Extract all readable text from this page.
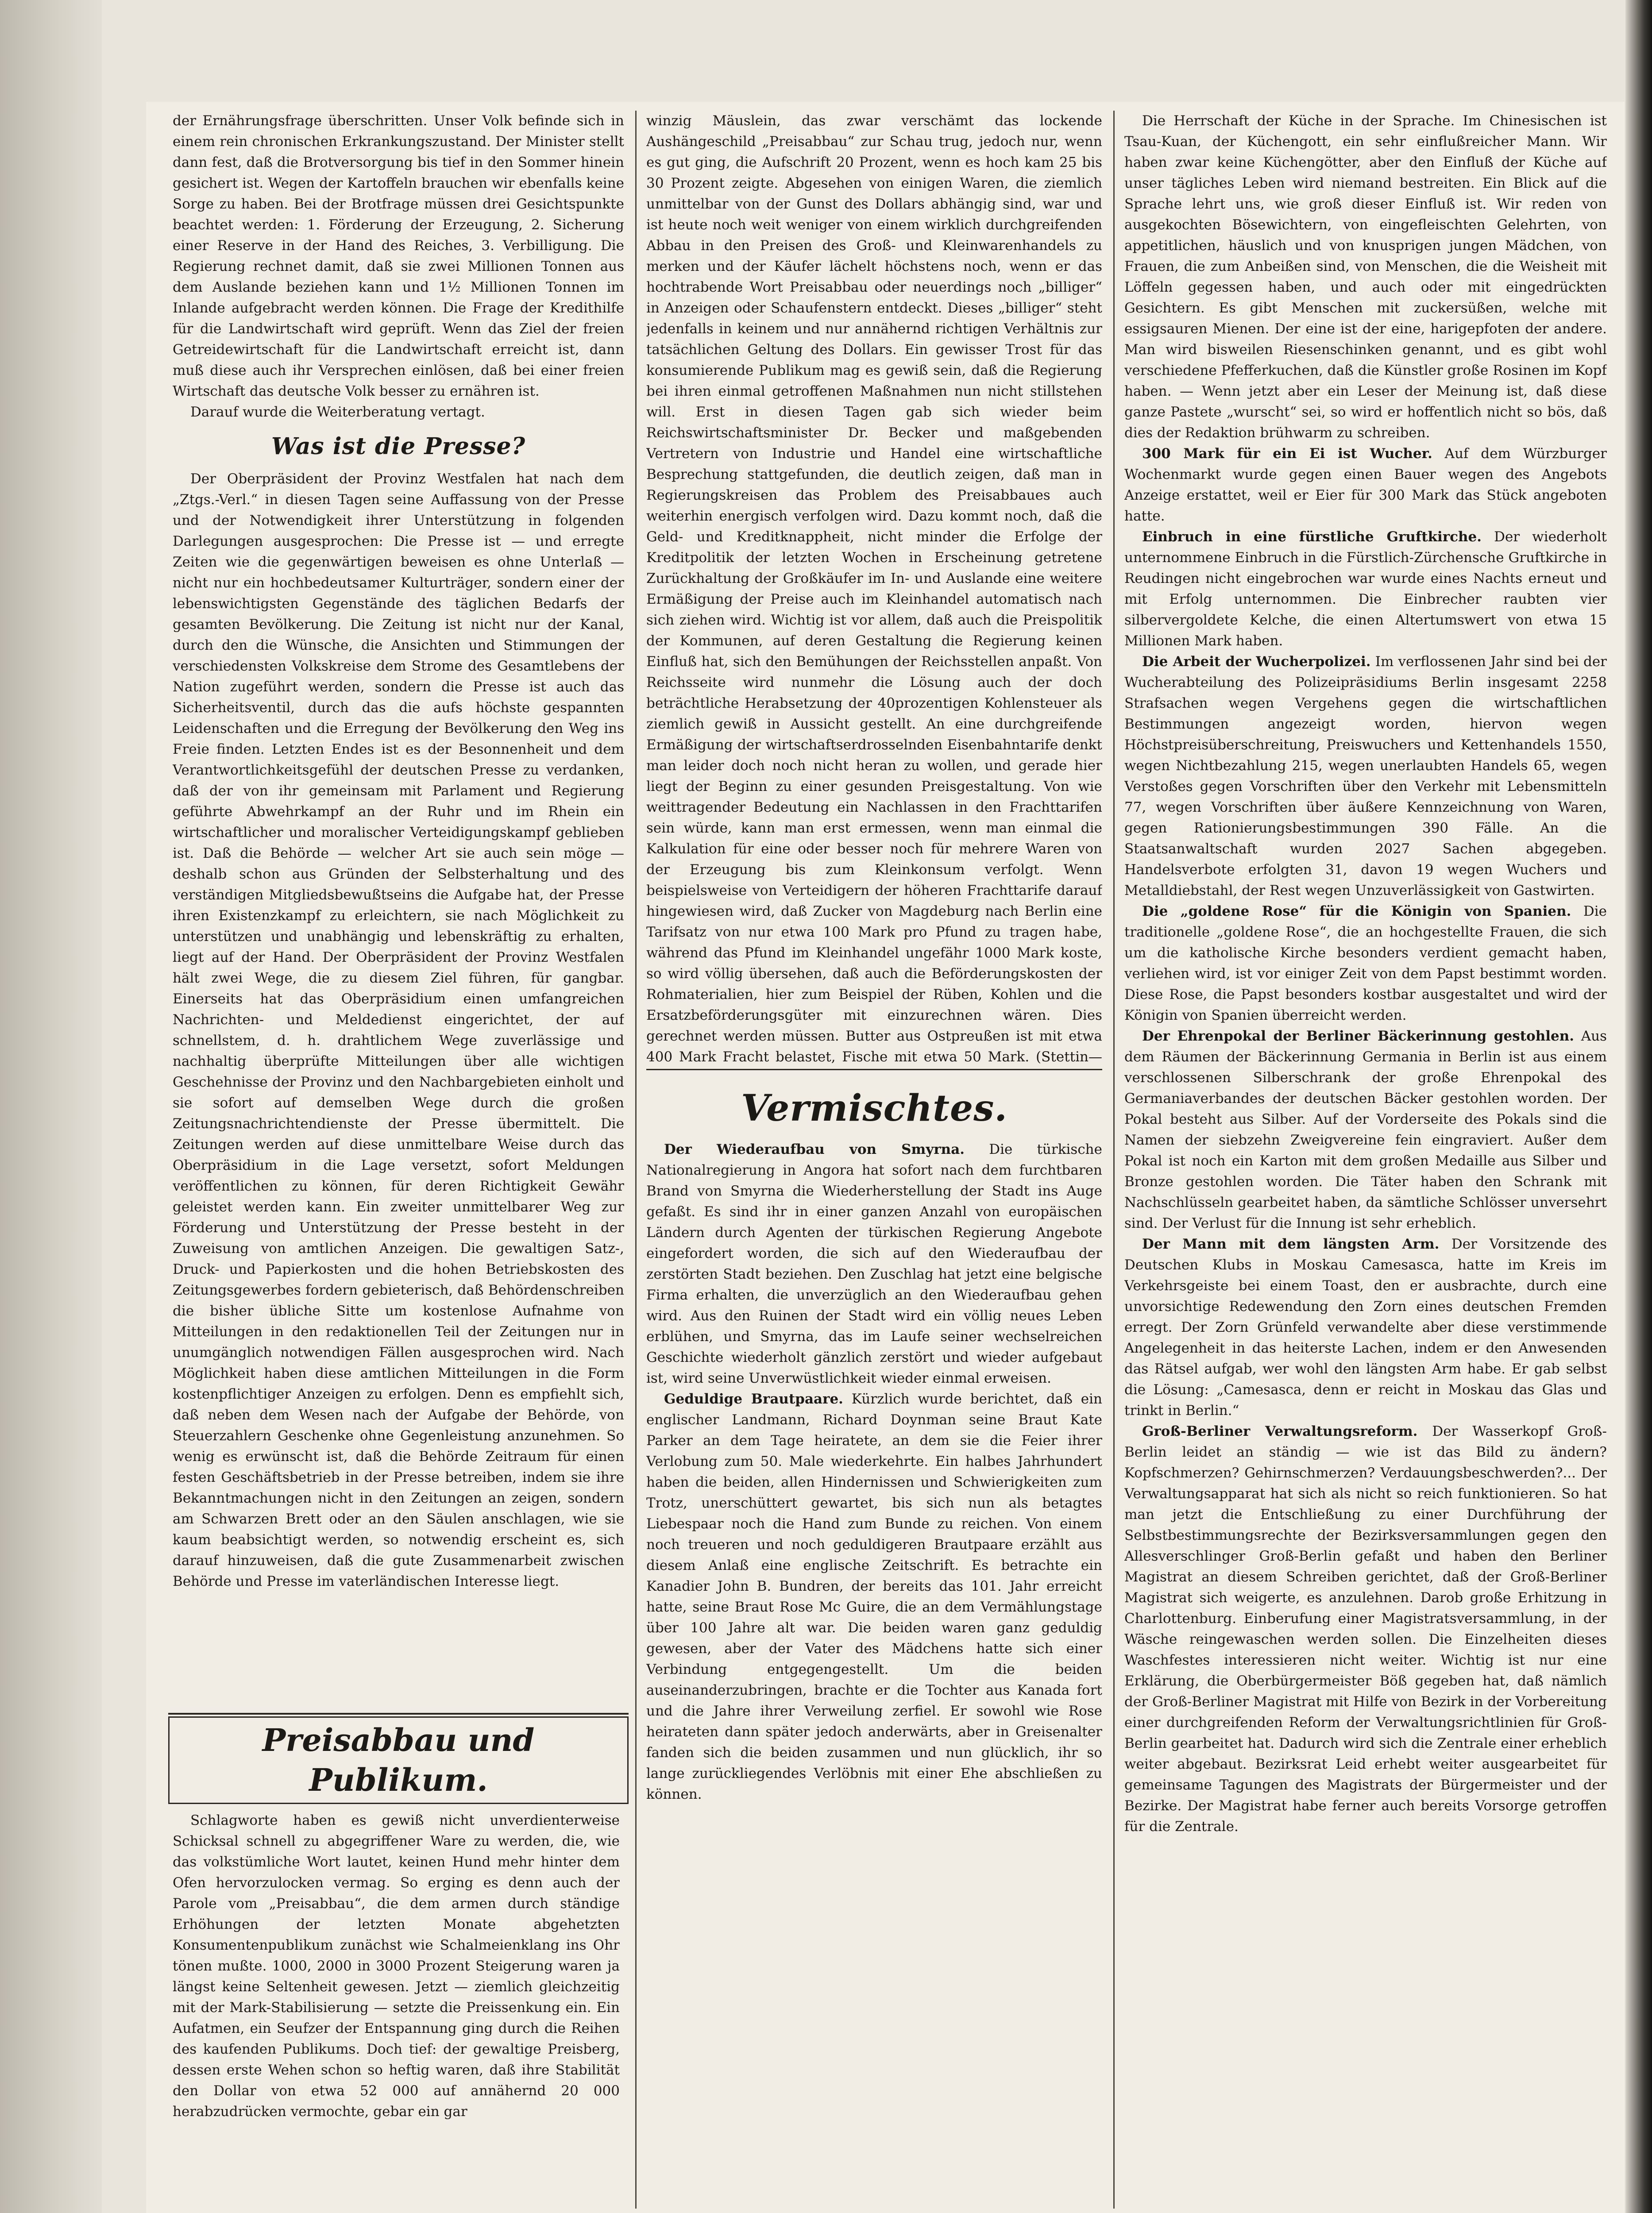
der Ernährungsfrage überschritten. Unser Volk befinde sich in einem rein chronischen Erkrankungszustand. Der Minister stellt dann fest, daß die Brotversorgung bis tief in den Sommer hinein gesichert ist. Wegen der Kartoffeln brauchen wir ebenfalls keine Sorge zu haben. Bei der Brotfrage müssen drei Gesichtspunkte beachtet werden: 1. Förderung der Erzeugung, 2. Sicherung einer Reserve in der Hand des Reiches, 3. Verbilligung. Die Regierung rechnet damit, daß sie zwei Millionen Tonnen aus dem Auslande beziehen kann und 1½ Millionen Tonnen im Inlande aufgebracht werden können. Die Frage der Kredithilfe für die Landwirtschaft wird geprüft. Wenn das Ziel der freien Getreidewirtschaft für die Landwirtschaft erreicht ist, dann muß diese auch ihr Versprechen einlösen, daß bei einer freien Wirtschaft das deutsche Volk besser zu ernähren ist.

Darauf wurde die Weiterberatung vertagt.

Was ist die Presse?

Der Oberpräsident der Provinz Westfalen hat nach dem „Ztgs.-Verl.“ in diesen Tagen seine Auffassung von der Presse und der Notwendigkeit ihrer Unterstützung in folgenden Darlegungen ausgesprochen: Die Presse ist — und erregte Zeiten wie die gegenwärtigen beweisen es ohne Unterlaß — nicht nur ein hochbedeutsamer Kulturträger, sondern einer der lebenswichtigsten Gegenstände des täglichen Bedarfs der gesamten Bevölkerung. Die Zeitung ist nicht nur der Kanal, durch den die Wünsche, die Ansichten und Stimmungen der verschiedensten Volkskreise dem Strome des Gesamtlebens der Nation zugeführt werden, sondern die Presse ist auch das Sicherheitsventil, durch das die aufs höchste gespannten Leidenschaften und die Erregung der Bevölkerung den Weg ins Freie finden. Letzten Endes ist es der Besonnenheit und dem Verantwortlichkeitsgefühl der deutschen Presse zu verdanken, daß der von ihr gemeinsam mit Parlament und Regierung geführte Abwehrkampf an der Ruhr und im Rhein ein wirtschaftlicher und moralischer Verteidigungskampf geblieben ist. Daß die Behörde — welcher Art sie auch sein möge — deshalb schon aus Gründen der Selbsterhaltung und des verständigen Mitgliedsbewußtseins die Aufgabe hat, der Presse ihren Existenzkampf zu erleichtern, sie nach Möglichkeit zu unterstützen und unabhängig und lebenskräftig zu erhalten, liegt auf der Hand. Der Oberpräsident der Provinz Westfalen hält zwei Wege, die zu diesem Ziel führen, für gangbar. Einerseits hat das Oberpräsidium einen umfangreichen Nachrichten- und Meldedienst eingerichtet, der auf schnellstem, d. h. drahtlichem Wege zuverlässige und nachhaltig überprüfte Mitteilungen über alle wichtigen Geschehnisse der Provinz und den Nachbargebieten einholt und sie sofort auf demselben Wege durch die großen Zeitungsnachrichtendienste der Presse übermittelt. Die Zeitungen werden auf diese unmittelbare Weise durch das Oberpräsidium in die Lage versetzt, sofort Meldungen veröffentlichen zu können, für deren Richtigkeit Gewähr geleistet werden kann. Ein zweiter unmittelbarer Weg zur Förderung und Unterstützung der Presse besteht in der Zuweisung von amtlichen Anzeigen. Die gewaltigen Satz-, Druck- und Papierkosten und die hohen Betriebskosten des Zeitungsgewerbes fordern gebieterisch, daß Behördenschreiben die bisher übliche Sitte um kostenlose Aufnahme von Mitteilungen in den redaktionellen Teil der Zeitungen nur in unumgänglich notwendigen Fällen ausgesprochen wird. Nach Möglichkeit haben diese amtlichen Mitteilungen in die Form kostenpflichtiger Anzeigen zu erfolgen. Denn es empfiehlt sich, daß neben dem Wesen nach der Aufgabe der Behörde, von Steuerzahlern Geschenke ohne Gegenleistung anzunehmen. So wenig es erwünscht ist, daß die Behörde Zeitraum für einen festen Geschäftsbetrieb in der Presse betreiben, indem sie ihre Bekanntmachungen nicht in den Zeitungen an zeigen, sondern am Schwarzen Brett oder an den Säulen anschlagen, wie sie kaum beabsichtigt werden, so notwendig erscheint es, sich darauf hinzuweisen, daß die gute Zusammenarbeit zwischen Behörde und Presse im vaterländischen Interesse liegt.

Preisabbau und Publikum.

Schlagworte haben es gewiß nicht unverdienterweise Schicksal schnell zu abgegriffener Ware zu werden, die, wie das volkstümliche Wort lautet, keinen Hund mehr hinter dem Ofen hervorzulocken vermag. So erging es denn auch der Parole vom „Preisabbau“, die dem armen durch ständige Erhöhungen der letzten Monate abgehetzten Konsumentenpublikum zunächst wie Schalmeienklang ins Ohr tönen mußte. 1000, 2000 in 3000 Prozent Steigerung waren ja längst keine Seltenheit gewesen. Jetzt — ziemlich gleichzeitig mit der Mark-Stabilisierung — setzte die Preissenkung ein. Ein Aufatmen, ein Seufzer der Entspannung ging durch die Reihen des kaufenden Publikums. Doch tief: der gewaltige Preisberg, dessen erste Wehen schon so heftig waren, daß ihre Stabilität den Dollar von etwa 52 000 auf annähernd 20 000 herabzudrücken vermochte, gebar ein gar

winzig Mäuslein, das zwar verschämt das lockende Aushängeschild „Preisabbau“ zur Schau trug, jedoch nur, wenn es gut ging, die Aufschrift 20 Prozent, wenn es hoch kam 25 bis 30 Prozent zeigte. Abgesehen von einigen Waren, die ziemlich unmittelbar von der Gunst des Dollars abhängig sind, war und ist heute noch weit weniger von einem wirklich durchgreifenden Abbau in den Preisen des Groß- und Kleinwarenhandels zu merken und der Käufer lächelt höchstens noch, wenn er das hochtrabende Wort Preisabbau oder neuerdings noch „billiger“ in Anzeigen oder Schaufenstern entdeckt. Dieses „billiger“ steht jedenfalls in keinem und nur annähernd richtigen Verhältnis zur tatsächlichen Geltung des Dollars. Ein gewisser Trost für das konsumierende Publikum mag es gewiß sein, daß die Regierung bei ihren einmal getroffenen Maßnahmen nun nicht stillstehen will. Erst in diesen Tagen gab sich wieder beim Reichswirtschaftsminister Dr. Becker und maßgebenden Vertretern von Industrie und Handel eine wirtschaftliche Besprechung stattgefunden, die deutlich zeigen, daß man in Regierungskreisen das Problem des Preisabbaues auch weiterhin energisch verfolgen wird. Dazu kommt noch, daß die Geld- und Kreditknappheit, nicht minder die Erfolge der Kreditpolitik der letzten Wochen in Erscheinung getretene Zurückhaltung der Großkäufer im In- und Auslande eine weitere Ermäßigung der Preise auch im Kleinhandel automatisch nach sich ziehen wird. Wichtig ist vor allem, daß auch die Preispolitik der Kommunen, auf deren Gestaltung die Regierung keinen Einfluß hat, sich den Bemühungen der Reichsstellen anpaßt. Von Reichsseite wird nunmehr die Lösung auch der doch beträchtliche Herabsetzung der 40prozentigen Kohlensteuer als ziemlich gewiß in Aussicht gestellt. An eine durchgreifende Ermäßigung der wirtschaftserdrosselnden Eisenbahntarife denkt man leider doch noch nicht heran zu wollen, und gerade hier liegt der Beginn zu einer gesunden Preisgestaltung. Von wie weittragender Bedeutung ein Nachlassen in den Frachttarifen sein würde, kann man erst ermessen, wenn man einmal die Kalkulation für eine oder besser noch für mehrere Waren von der Erzeugung bis zum Kleinkonsum verfolgt. Wenn beispielsweise von Verteidigern der höheren Frachttarife darauf hingewiesen wird, daß Zucker von Magdeburg nach Berlin eine Tarifsatz von nur etwa 100 Mark pro Pfund zu tragen habe, während das Pfund im Kleinhandel ungefähr 1000 Mark koste, so wird völlig übersehen, daß auch die Beförderungskosten der Rohmaterialien, hier zum Beispiel der Rüben, Kohlen und die Ersatzbeförderungsgüter mit einzurechnen wären. Dies gerechnet werden müssen. Butter aus Ostpreußen ist mit etwa 400 Mark Fracht belastet, Fische mit etwa 50 Mark. (Stettin—

Vermischtes.

Der Wiederaufbau von Smyrna. Die türkische Nationalregierung in Angora hat sofort nach dem furchtbaren Brand von Smyrna die Wiederherstellung der Stadt ins Auge gefaßt. Es sind ihr in einer ganzen Anzahl von europäischen Ländern durch Agenten der türkischen Regierung Angebote eingefordert worden, die sich auf den Wiederaufbau der zerstörten Stadt beziehen. Den Zuschlag hat jetzt eine belgische Firma erhalten, die unverzüglich an den Wiederaufbau gehen wird. Aus den Ruinen der Stadt wird ein völlig neues Leben erblühen, und Smyrna, das im Laufe seiner wechselreichen Geschichte wiederholt gänzlich zerstört und wieder aufgebaut ist, wird seine Unverwüstlichkeit wieder einmal erweisen.

Geduldige Brautpaare. Kürzlich wurde berichtet, daß ein englischer Landmann, Richard Doynman seine Braut Kate Parker an dem Tage heiratete, an dem sie die Feier ihrer Verlobung zum 50. Male wiederkehrte. Ein halbes Jahrhundert haben die beiden, allen Hindernissen und Schwierigkeiten zum Trotz, unerschüttert gewartet, bis sich nun als betagtes Liebespaar noch die Hand zum Bunde zu reichen. Von einem noch treueren und noch geduldigeren Brautpaare erzählt aus diesem Anlaß eine englische Zeitschrift. Es betrachte ein Kanadier John B. Bundren, der bereits das 101. Jahr erreicht hatte, seine Braut Rose Mc Guire, die an dem Vermählungstage über 100 Jahre alt war. Die beiden waren ganz geduldig gewesen, aber der Vater des Mädchens hatte sich einer Verbindung entgegengestellt. Um die beiden auseinanderzubringen, brachte er die Tochter aus Kanada fort und die Jahre ihrer Verweilung zerfiel. Er sowohl wie Rose heirateten dann später jedoch anderwärts, aber in Greisenalter fanden sich die beiden zusammen und nun glücklich, ihr so lange zurückliegendes Verlöbnis mit einer Ehe abschließen zu können.

Die Herrschaft der Küche in der Sprache. Im Chinesischen ist Tsau-Kuan, der Küchengott, ein sehr einflußreicher Mann. Wir haben zwar keine Küchengötter, aber den Einfluß der Küche auf unser tägliches Leben wird niemand bestreiten. Ein Blick auf die Sprache lehrt uns, wie groß dieser Einfluß ist. Wir reden von ausgekochten Bösewichtern, von eingefleischten Gelehrten, von appetitlichen, häuslich und von knusprigen jungen Mädchen, von Frauen, die zum Anbeißen sind, von Menschen, die die Weisheit mit Löffeln gegessen haben, und auch oder mit eingedrückten Gesichtern. Es gibt Menschen mit zuckersüßen, welche mit essigsauren Mienen. Der eine ist der eine, harigepfoten der andere. Man wird bisweilen Riesenschinken genannt, und es gibt wohl verschiedene Pfefferkuchen, daß die Künstler große Rosinen im Kopf haben. — Wenn jetzt aber ein Leser der Meinung ist, daß diese ganze Pastete „wurscht“ sei, so wird er hoffentlich nicht so bös, daß dies der Redaktion brühwarm zu schreiben.

300 Mark für ein Ei ist Wucher. Auf dem Würzburger Wochenmarkt wurde gegen einen Bauer wegen des Angebots Anzeige erstattet, weil er Eier für 300 Mark das Stück angeboten hatte.

Einbruch in eine fürstliche Gruftkirche. Der wiederholt unternommene Einbruch in die Fürstlich-Zürchensche Gruftkirche in Reudingen nicht eingebrochen war wurde eines Nachts erneut und mit Erfolg unternommen. Die Einbrecher raubten vier silbervergoldete Kelche, die einen Altertumswert von etwa 15 Millionen Mark haben.

Die Arbeit der Wucherpolizei. Im verflossenen Jahr sind bei der Wucherabteilung des Polizeipräsidiums Berlin insgesamt 2258 Strafsachen wegen Vergehens gegen die wirtschaftlichen Bestimmungen angezeigt worden, hiervon wegen Höchstpreisüberschreitung, Preiswuchers und Kettenhandels 1550, wegen Nichtbezahlung 215, wegen unerlaubten Handels 65, wegen Verstoßes gegen Vorschriften über den Verkehr mit Lebensmitteln 77, wegen Vorschriften über äußere Kennzeichnung von Waren, gegen Rationierungsbestimmungen 390 Fälle. An die Staatsanwaltschaft wurden 2027 Sachen abgegeben. Handelsverbote erfolgten 31, davon 19 wegen Wuchers und Metalldiebstahl, der Rest wegen Unzuverlässigkeit von Gastwirten.

Die „goldene Rose“ für die Königin von Spanien. Die traditionelle „goldene Rose“, die an hochgestellte Frauen, die sich um die katholische Kirche besonders verdient gemacht haben, verliehen wird, ist vor einiger Zeit von dem Papst bestimmt worden. Diese Rose, die Papst besonders kostbar ausgestaltet und wird der Königin von Spanien überreicht werden.

Der Ehrenpokal der Berliner Bäckerinnung gestohlen. Aus dem Räumen der Bäckerinnung Germania in Berlin ist aus einem verschlossenen Silberschrank der große Ehrenpokal des Germaniaverbandes der deutschen Bäcker gestohlen worden. Der Pokal besteht aus Silber. Auf der Vorderseite des Pokals sind die Namen der siebzehn Zweigvereine fein eingraviert. Außer dem Pokal ist noch ein Karton mit dem großen Medaille aus Silber und Bronze gestohlen worden. Die Täter haben den Schrank mit Nachschlüsseln gearbeitet haben, da sämtliche Schlösser unversehrt sind. Der Verlust für die Innung ist sehr erheblich.

Der Mann mit dem längsten Arm. Der Vorsitzende des Deutschen Klubs in Moskau Camesasca, hatte im Kreis im Verkehrsgeiste bei einem Toast, den er ausbrachte, durch eine unvorsichtige Redewendung den Zorn eines deutschen Fremden erregt. Der Zorn Grünfeld verwandelte aber diese verstimmende Angelegenheit in das heiterste Lachen, indem er den Anwesenden das Rätsel aufgab, wer wohl den längsten Arm habe. Er gab selbst die Lösung: „Camesasca, denn er reicht in Moskau das Glas und trinkt in Berlin.“

Groß-Berliner Verwaltungsreform. Der Wasserkopf Groß-Berlin leidet an ständig — wie ist das Bild zu ändern? Kopfschmerzen? Gehirnschmerzen? Verdauungsbeschwerden?... Der Verwaltungsapparat hat sich als nicht so reich funktionieren. So hat man jetzt die Entschließung zu einer Durchführung der Selbstbestimmungsrechte der Bezirksversammlungen gegen den Allesverschlinger Groß-Berlin gefaßt und haben den Berliner Magistrat an diesem Schreiben gerichtet, daß der Groß-Berliner Magistrat sich weigerte, es anzulehnen. Darob große Erhitzung in Charlottenburg. Einberufung einer Magistratsversammlung, in der Wäsche reingewaschen werden sollen. Die Einzelheiten dieses Waschfestes interessieren nicht weiter. Wichtig ist nur eine Erklärung, die Oberbürgermeister Böß gegeben hat, daß nämlich der Groß-Berliner Magistrat mit Hilfe von Bezirk in der Vorbereitung einer durchgreifenden Reform der Verwaltungsrichtlinien für Groß-Berlin gearbeitet hat. Dadurch wird sich die Zentrale einer erheblich weiter abgebaut. Bezirksrat Leid erhebt weiter ausgearbeitet für gemeinsame Tagungen des Magistrats der Bürgermeister und der Bezirke. Der Magistrat habe ferner auch bereits Vorsorge getroffen für die Zentrale.
